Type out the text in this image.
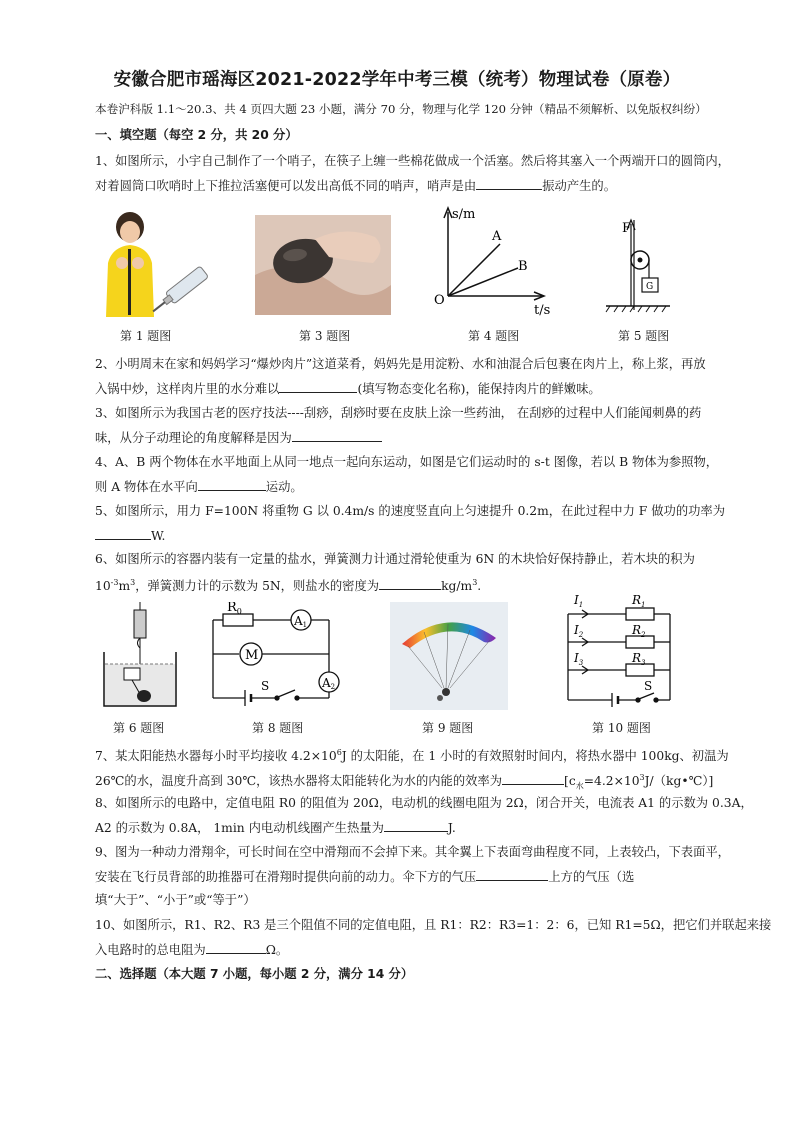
安徽合肥市瑶海区2021-2022学年中考三模（统考）物理试卷（原卷）
本卷沪科版 1.1～20.3、共 4 页四大题 23 小题，满分 70 分，物理与化学 120 分钟（精品不须解析、以免版权纠纷）
一、填空题（每空 2 分，共 20 分）
1、如图所示，小宇自己制作了一个哨子，在筷子上缠一些棉花做成一个活塞。然后将其塞入一个两端开口的圆筒内，
对着圆筒口吹哨时上下推拉活塞便可以发出高低不同的哨声，哨声是由	振动产生的。
s/m
t/s
O
A
B
F
G
第 1 题图	第 3 题图	第 4 题图	第 5 题图
2、小明周末在家和妈妈学习“爆炒肉片”这道菜肴，妈妈先是用淀粉、水和油混合后包裹在肉片上，称上浆，再放
入锅中炒，这样肉片里的水分难以	(填写物态变化名称)，能保持肉片的鲜嫩味。
3、如图所示为我国古老的医疗技法----刮痧，刮痧时要在皮肤上涂一些药油， 在刮痧的过程中人们能闻刺鼻的药
味，从分子动理论的角度解释是因为
4、A、B 两个物体在水平地面上从同一地点一起向东运动，如图是它们运动时的 s-t 图像，若以 B 物体为参照物，
则 A 物体在水平向	运动。
5、如图所示，用力 F=100N 将重物 G 以 0.4m/s 的速度竖直向上匀速提升 0.2m，在此过程中力 F 做功的功率为
W.
6、如图所示的容器内装有一定量的盐水，弹簧测力计通过滑轮使重为 6N 的木块恰好保持静止，若木块的积为
$10^{-3}m^3$，弹簧测力计的示数为 5N，则盐水的密度为	$kg/m^3$.
$R_0$
A1
M
A2
S
$I_1$
$I_2$
$I_3$
$R_1$
$R_2$
$R_3$
S
第 6 题图	第 8 题图	第 9 题图	第 10 题图
7、某太阳能热水器每小时平均接收 $4.2\times 10^6J$ 的太阳能，在 1 小时的有效照射时间内，将热水器中 100kg、初温为
26℃的水，温度升高到 30℃，该热水器将太阳能转化为水的内能的效率为	$[c_水=4.2\times 10^3J/(kg•℃)]$
8、如图所示的电路中，定值电阻 R0 的阻值为 20Ω，电动机的线圈电阻为 2Ω，闭合开关，电流表 A1 的示数为 0.3A，
A2 的示数为 0.8A， 1min 内电动机线圈产生热量为	J.
9、图为一种动力滑翔伞，可长时间在空中滑翔而不会掉下来。其伞翼上下表面弯曲程度不同，上表较凸，下表面平，
安装在飞行员背部的助推器可在滑翔时提供向前的动力。伞下方的气压	上方的气压（选
填“大于”、“小于”或“等于”）
10、如图所示，R1、R2、R3 是三个阻值不同的定值电阻，且 R1：R2：R3=1：2：6，已知 R1=5Ω，把它们并联起来接
入电路时的总电阻为	Ω。
二、选择题（本大题 7 小题，每小题 2 分，满分 14 分）
